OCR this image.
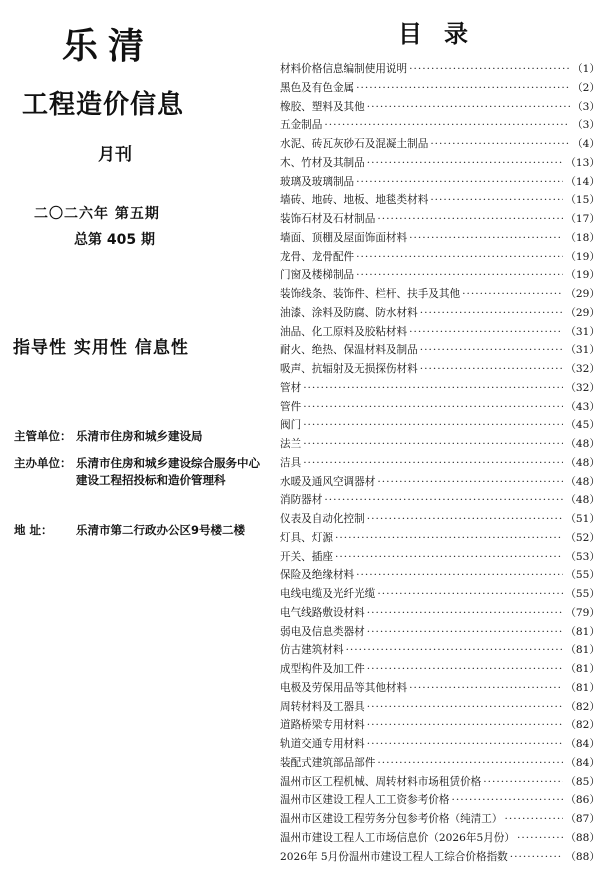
乐清
工程造价信息
月刊
二〇二六年 第五期
总第 405 期
指导性 实用性 信息性
主管单位： 乐清市住房和城乡建设局
主办单位： 乐清市住房和城乡建设综合服务中心
建设工程招投标和造价管理科
地 址： 乐清市第二行政办公区9号楼二楼
目录
材料价格信息编制使用说明 ·····	（1）
黑色及有色金属 ·····	（2）
橡胶、塑料及其他 ·····	（3）
五金制品 ·····	（3）
水泥、砖瓦灰砂石及混凝土制品 ·····	（4）
木、竹材及其制品 ·····	（13）
玻璃及玻璃制品 ·····	（14）
墙砖、地砖、地板、地毯类材料 ·····	（15）
装饰石材及石材制品 ·····	（17）
墙面、顶棚及屋面饰面材料 ·····	（18）
龙骨、龙骨配件 ·····	（19）
门窗及楼梯制品 ·····	（19）
装饰线条、装饰件、栏杆、扶手及其他 ·····	（29）
油漆、涂料及防腐、防水材料 ·····	（29）
油品、化工原料及胶粘材料 ·····	（31）
耐火、绝热、保温材料及制品 ·····	（31）
吸声、抗辐射及无损探伤材料 ·····	（32）
管材 ·····	（32）
管件 ·····	（43）
阀门 ·····	（45）
法兰 ·····	（48）
洁具 ·····	（48）
水暖及通风空调器材 ·····	（48）
消防器材 ·····	（48）
仪表及自动化控制 ·····	（51）
灯具、灯源 ·····	（52）
开关、插座 ·····	（53）
保险及绝缘材料 ·····	（55）
电线电缆及光纤光缆 ·····	（55）
电气线路敷设材料 ·····	（79）
弱电及信息类器材 ·····	（81）
仿古建筑材料 ·····	（81）
成型构件及加工件 ·····	（81）
电极及劳保用品等其他材料 ·····	（81）
周转材料及工器具 ·····	（82）
道路桥梁专用材料 ·····	（82）
轨道交通专用材料 ·····	（84）
装配式建筑部品部件 ·····	（84）
温州市区工程机械、周转材料市场租赁价格 ·····	（85）
温州市区建设工程人工工资参考价格 ·····	（86）
温州市区建设工程劳务分包参考价格（纯清工） ·····	（87）
温州市建设工程人工市场信息价（2026年5月份） ·····	（88）
2026年 5月份温州市建设工程人工综合价格指数 ·····	（88）
